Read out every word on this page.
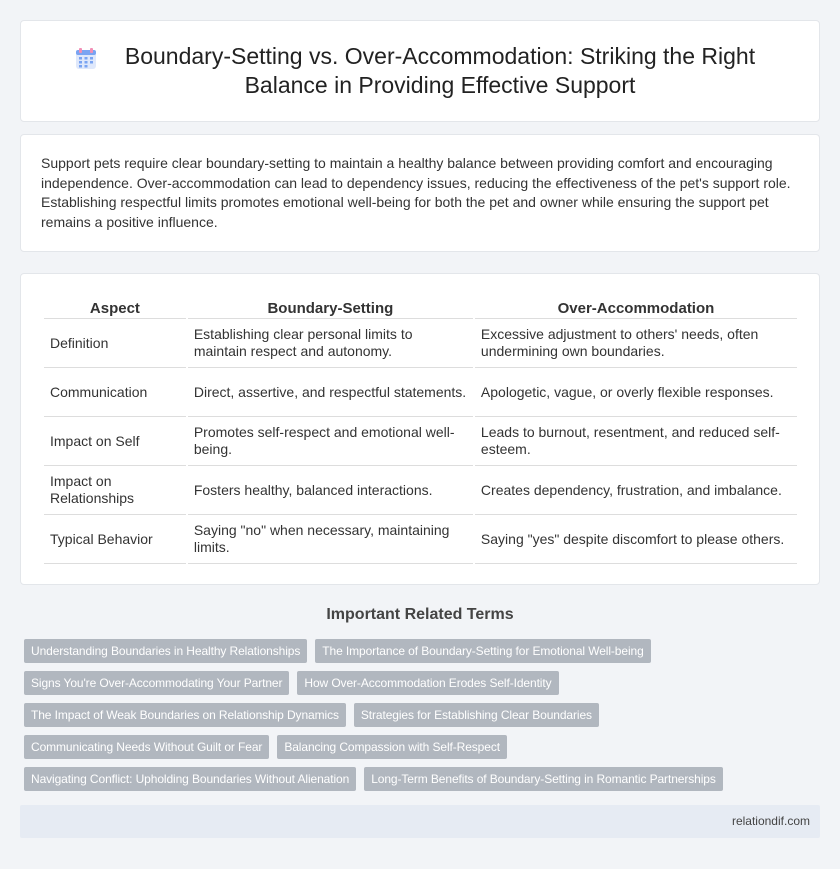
Boundary-Setting vs. Over-Accommodation: Striking the Right Balance in Providing Effective Support

Support pets require clear boundary-setting to maintain a healthy balance between providing comfort and encouraging independence. Over-accommodation can lead to dependency issues, reducing the effectiveness of the pet's support role. Establishing respectful limits promotes emotional well-being for both the pet and owner while ensuring the support pet remains a positive influence.

Aspect	Boundary-Setting	Over-Accommodation
Definition	Establishing clear personal limits to maintain respect and autonomy.	Excessive adjustment to others' needs, often undermining own boundaries.
Communication	Direct, assertive, and respectful statements.	Apologetic, vague, or overly flexible responses.
Impact on Self	Promotes self-respect and emotional well-being.	Leads to burnout, resentment, and reduced self-esteem.
Impact on Relationships	Fosters healthy, balanced interactions.	Creates dependency, frustration, and imbalance.
Typical Behavior	Saying "no" when necessary, maintaining limits.	Saying "yes" despite discomfort to please others.
Important Related Terms
Understanding Boundaries in Healthy Relationships	The Importance of Boundary-Setting for Emotional Well-being
Signs You're Over-Accommodating Your Partner	How Over-Accommodation Erodes Self-Identity
The Impact of Weak Boundaries on Relationship Dynamics	Strategies for Establishing Clear Boundaries
Communicating Needs Without Guilt or Fear	Balancing Compassion with Self-Respect
Navigating Conflict: Upholding Boundaries Without Alienation	Long-Term Benefits of Boundary-Setting in Romantic Partnerships
relationdif.com
